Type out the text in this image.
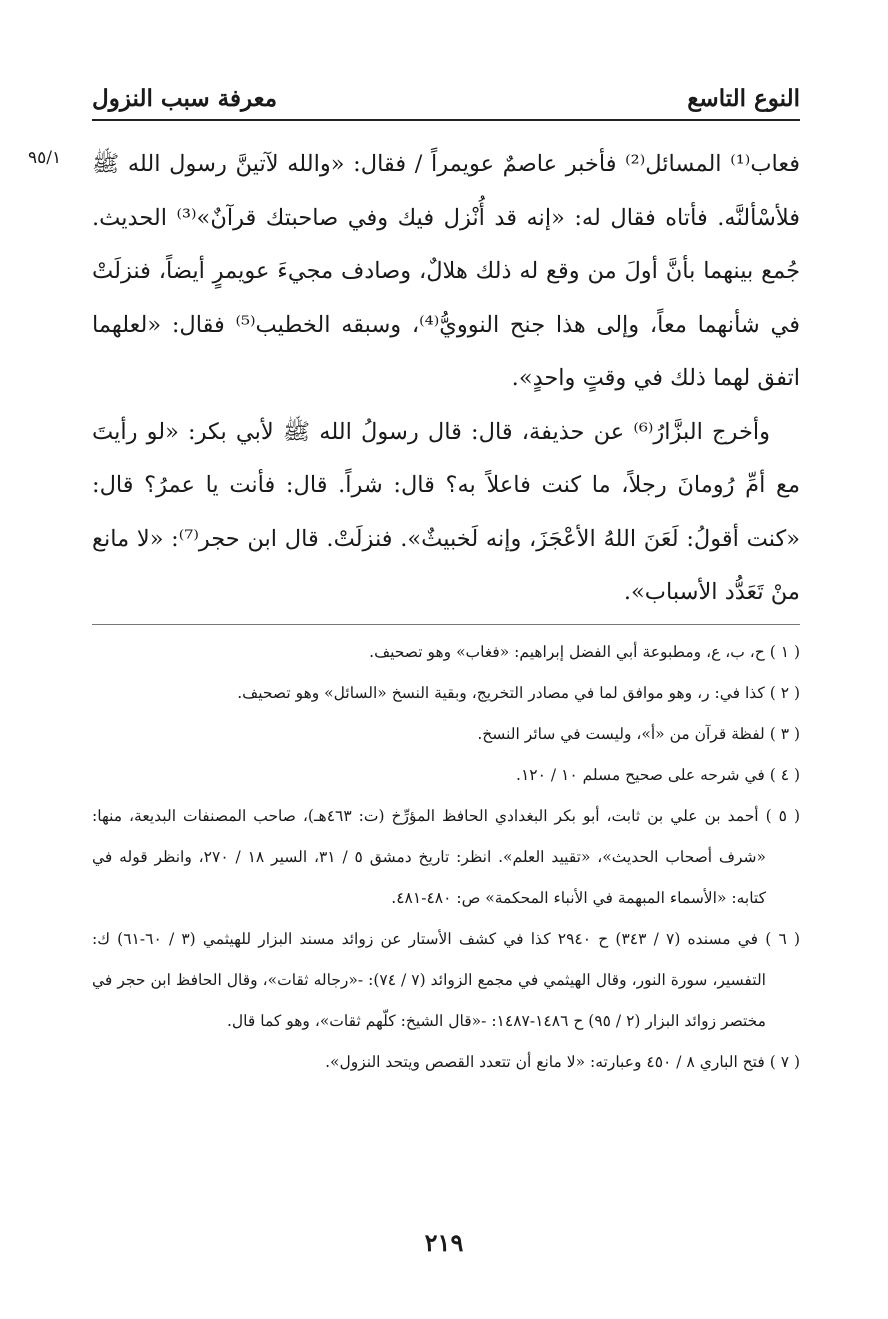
النوع التاسع
معرفة سبب النزول
٩٥/١ فعاب⁽¹⁾ المسائل⁽²⁾ فأخبر عاصمٌ عويمراً / فقال: «والله لآتينَّ رسول الله ﷺ فلأسْألنَّه. فأتاه فقال له: «إنه قد أُنْزل فيك وفي صاحبتك قرآنٌ»⁽³⁾ الحديث. جُمع بينهما بأنَّ أولَ من وقع له ذلك هلالٌ، وصادف مجيءَ عويمرٍ أيضاً، فنزلَتْ في شأنهما معاً، وإلى هذا جنح النوويُّ⁽⁴⁾، وسبقه الخطيب⁽⁵⁾ فقال: «لعلهما اتفق لهما ذلك في وقتٍ واحدٍ».

وأخرج البزَّارُ⁽⁶⁾ عن حذيفة، قال: قال رسولُ الله ﷺ لأبي بكر: «لو رأيتَ مع أمِّ رُومانَ رجلاً، ما كنت فاعلاً به؟ قال: شراً. قال: فأنت يا عمرُ؟ قال: «كنت أقولُ: لَعَنَ اللهُ الأعْجَزَ، وإنه لَخبيثٌ». فنزلَتْ. قال ابن حجر⁽⁷⁾: «لا مانع منْ تَعَدُّد الأسباب».

( ١ ) ح، ب، ع، ومطبوعة أبي الفضل إبراهيم: «فغاب» وهو تصحيف.

( ٢ ) كذا في: ر، وهو موافق لما في مصادر التخريج، وبقية النسخ «السائل» وهو تصحيف.

( ٣ ) لفظة قرآن من «أ»، وليست في سائر النسخ.

( ٤ ) في شرحه على صحيح مسلم ١٠ / ١٢٠.

( ٥ ) أحمد بن علي بن ثابت، أبو بكر البغدادي الحافظ المؤرِّخ (ت: ٤٦٣هـ)، صاحب المصنفات البديعة، منها: «شرف أصحاب الحديث»، «تقييد العلم». انظر: تاريخ دمشق ٥ / ٣١، السير ١٨ / ٢٧٠، وانظر قوله في كتابه: «الأسماء المبهمة في الأنباء المحكمة» ص: ٤٨٠-٤٨١.

( ٦ ) في مسنده (٧ / ٣٤٣) ح ٢٩٤٠ كذا في كشف الأستار عن زوائد مسند البزار للهيثمي (٣ / ٦٠-٦١) ك: التفسير، سورة النور، وقال الهيثمي في مجمع الزوائد (٧ / ٧٤): -«رجاله ثقات»، وقال الحافظ ابن حجر في مختصر زوائد البزار (٢ / ٩٥) ح ١٤٨٦-١٤٨٧: -«قال الشيخ: كلّهم ثقات»، وهو كما قال.

( ٧ ) فتح الباري ٨ / ٤٥٠ وعبارته: «لا مانع أن تتعدد القصص ويتحد النزول».

٢١٩
